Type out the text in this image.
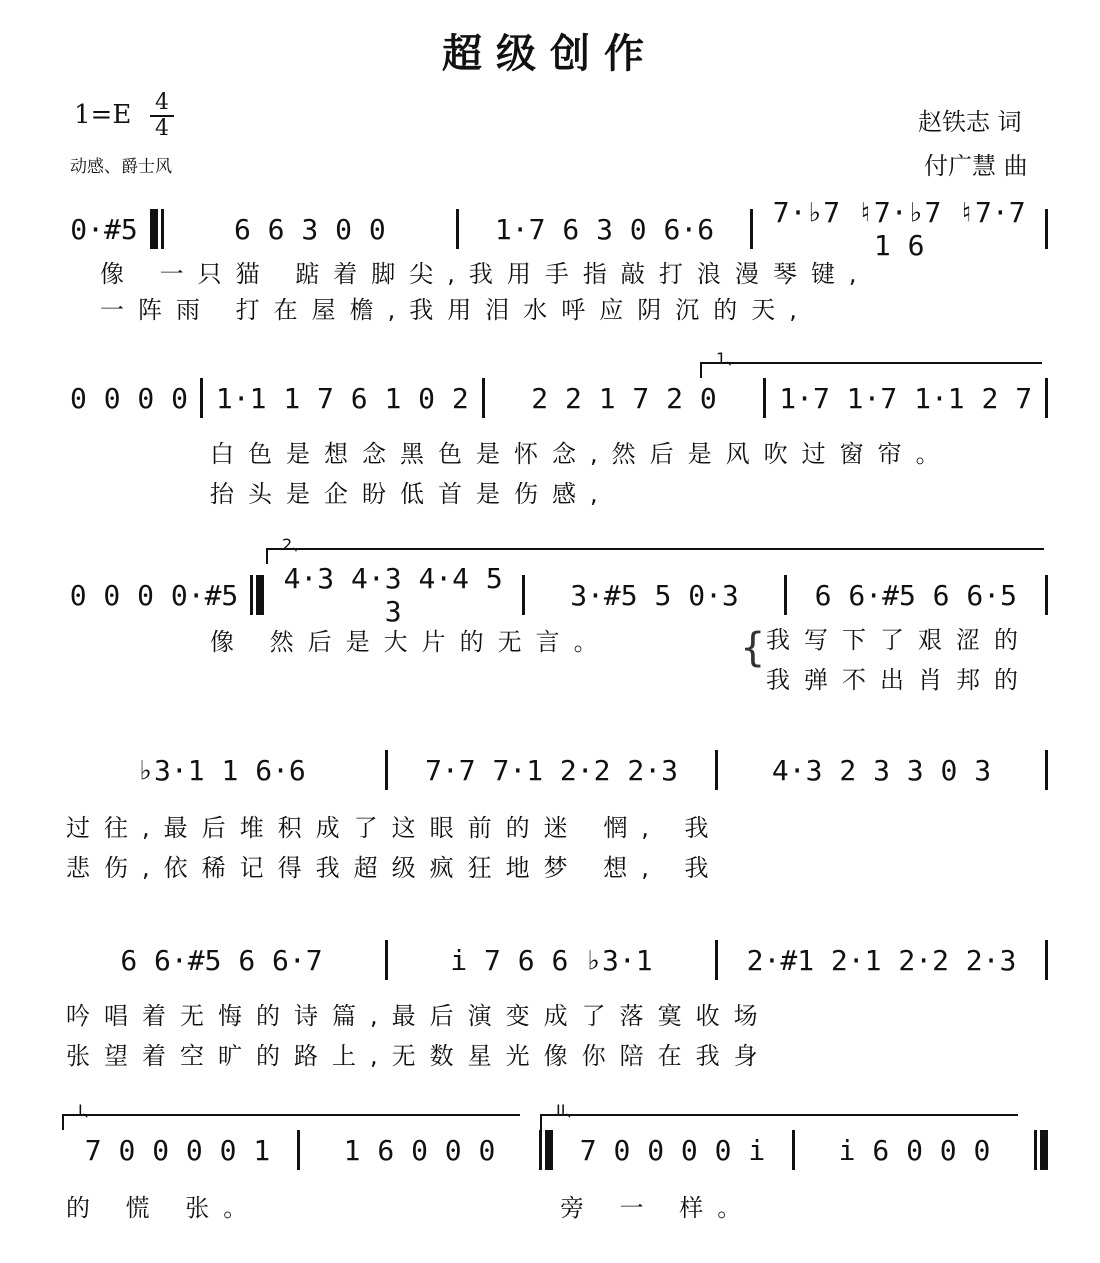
超级创作
1=E 4
4
动感、爵士风
赵铁志 词
付广慧 曲
0·#5	6 6 3 0 0	1·7 6 3 0 6·6	7·♭7 ♮7·♭7 ♮7·7 1 6
像 一只猫 踮着脚尖,我用手指敲打浪漫琴键,
一阵雨 打在屋檐,我用泪水呼应阴沉的天,
1、
0 0 0 0 1·1 1 7 6 1 0 2 2 2 1 7 2 0 1·7 1·7 1·1 2 7
白色是想念黑色是怀念,然后是风吹过窗帘。
抬头是企盼低首是伤感,
2、
0 0 0 0·#5	4·3 4·3 4·4 5 3	3·#5 5 0·3	6 6·#5 6 6·5
像 然后是大片的无言。	{ 我写下了艰涩的
我弹不出肖邦的
♭3·1 1 6·6	7·7 7·1 2·2 2·3	4·3 2 3 3 0 3
过往,最后堆积成了这眼前的迷 惘, 我
悲伤,依稀记得我超级疯狂地梦 想, 我
6 6·#5 6 6·7	i 7 6 6 ♭3·1	2·#1 2·1 2·2 2·3
吟唱着无悔的诗篇,最后演变成了落寞收场
张望着空旷的路上,无数星光像你陪在我身
I、	II、
7 0 0 0 0 1	1 6 0 0 0	7 0 0 0 0 i	i 6 0 0 0
的 慌 张。	旁 一 样。
